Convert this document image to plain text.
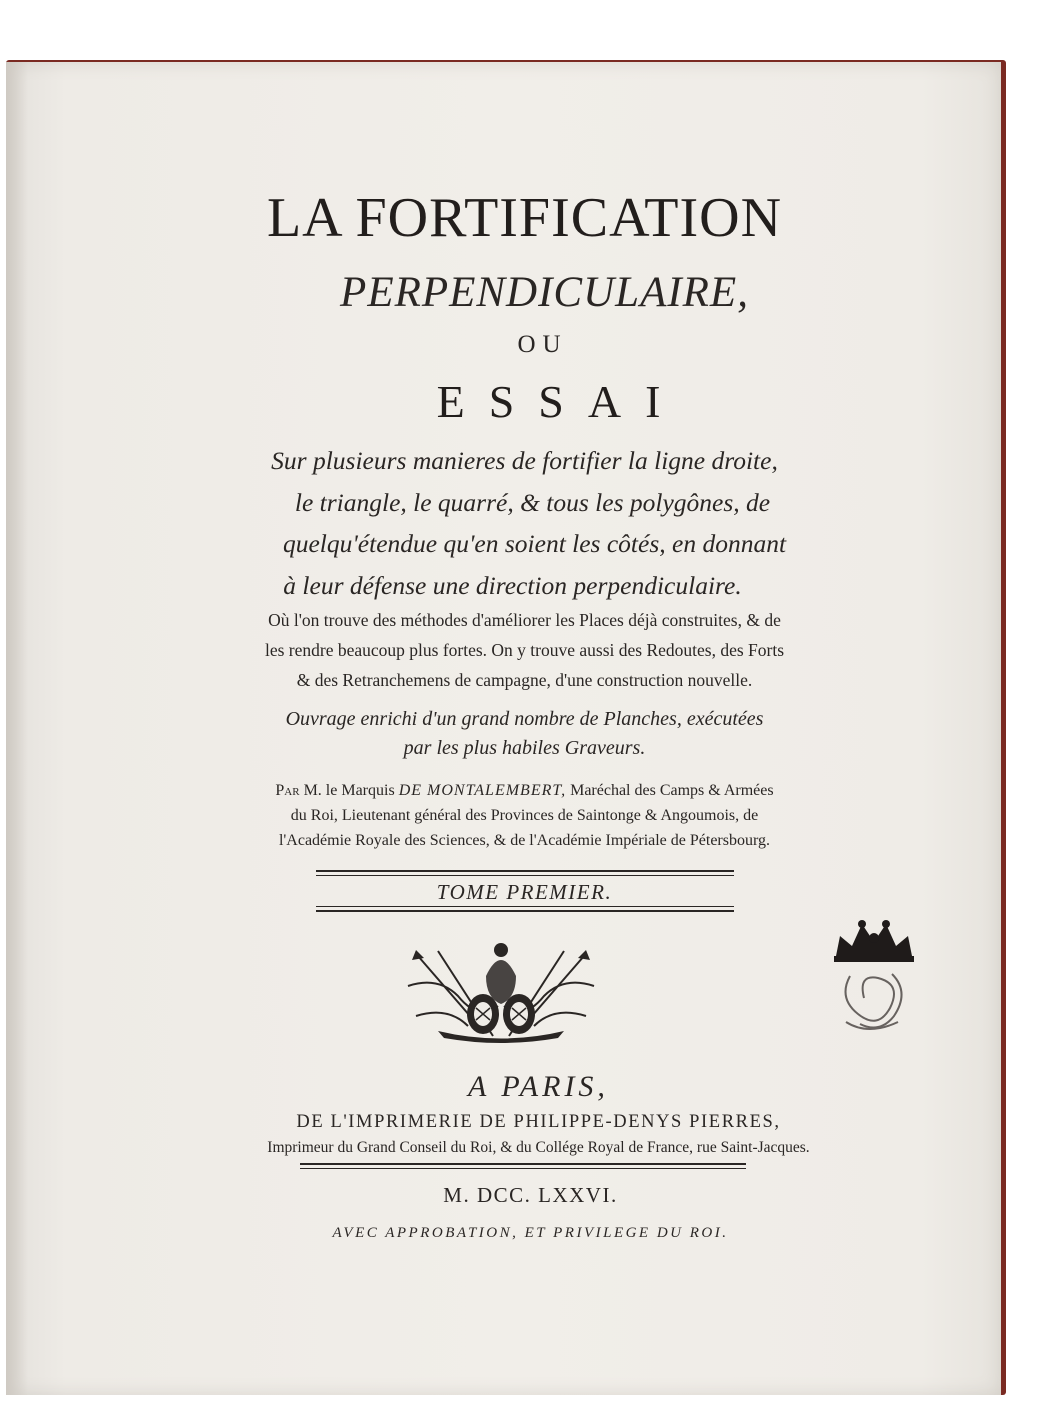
LA FORTIFICATION
PERPENDICULAIRE,
OU
ESSAI
Sur plusieurs manieres de fortifier la ligne droite,
le triangle, le quarré, & tous les polygônes, de
quelqu'étendue qu'en soient les côtés, en donnant
à leur défense une direction perpendiculaire.
Où l'on trouve des méthodes d'améliorer les Places déjà construites, & de
les rendre beaucoup plus fortes. On y trouve aussi des Redoutes, des Forts
& des Retranchemens de campagne, d'une construction nouvelle.
Ouvrage enrichi d'un grand nombre de Planches, exécutées
par les plus habiles Graveurs.
Par M. le Marquis DE MONTALEMBERT, Maréchal des Camps & Armées
du Roi, Lieutenant général des Provinces de Saintonge & Angoumois, de
l'Académie Royale des Sciences, & de l'Académie Impériale de Pétersbourg.
TOME PREMIER.
A PARIS,
DE L'IMPRIMERIE DE PHILIPPE-DENYS PIERRES,
Imprimeur du Grand Conseil du Roi, & du Collége Royal de France, rue Saint-Jacques.
M. DCC. LXXVI.
AVEC APPROBATION, ET PRIVILEGE DU ROI.
